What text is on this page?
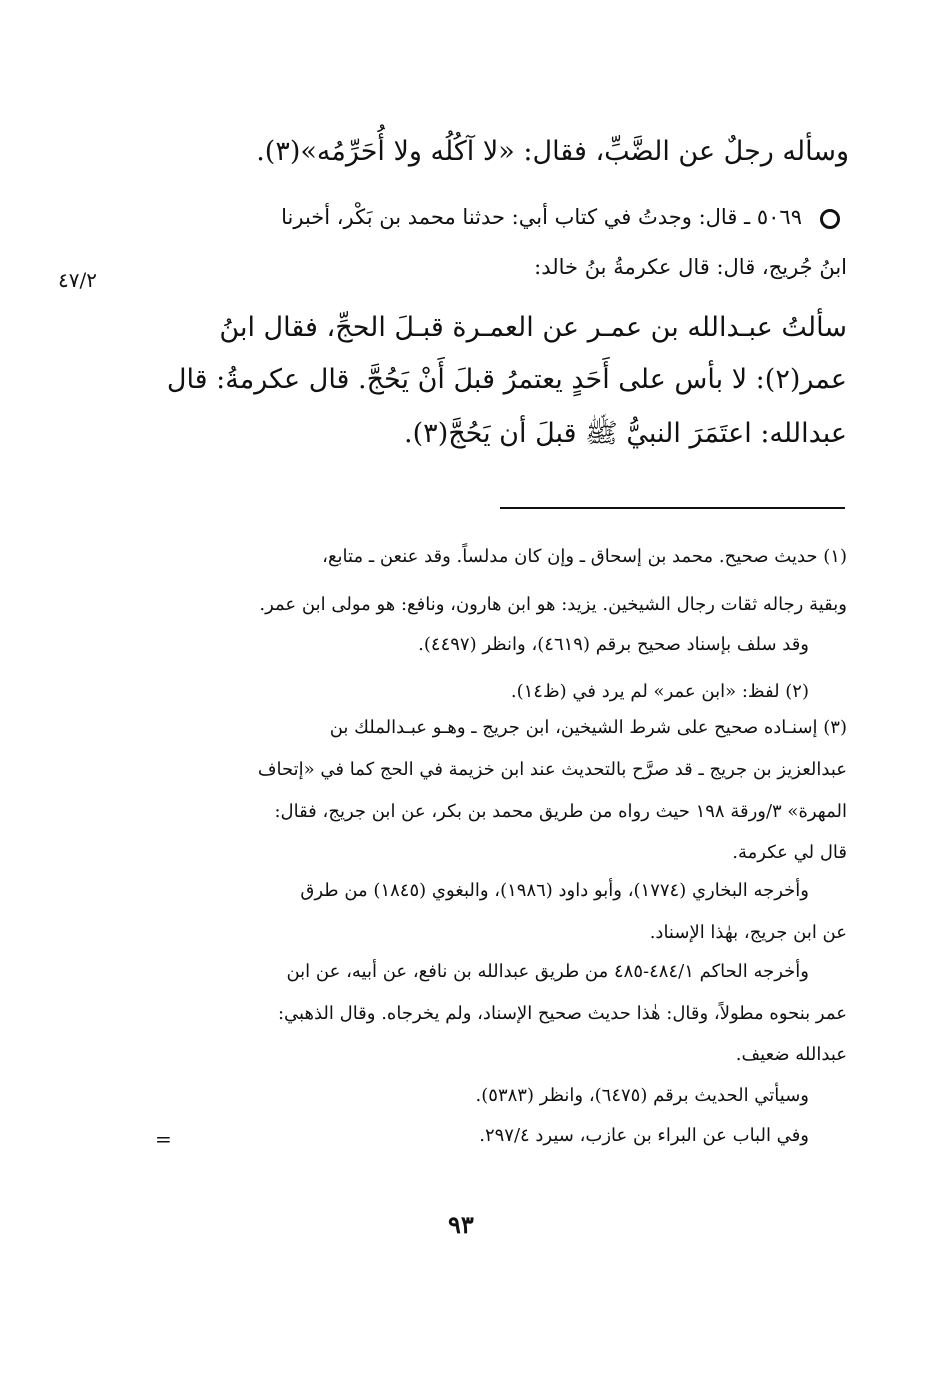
وسأله رجلٌ عن الضَّبِّ، فقال: «لا آكُلُه ولا أُحَرِّمُه»(٣).
٥٠٦٩ ـ قال: وجدتُ في كتاب أبي: حدثنا محمد بن بَكْر، أخبرنا
ابنُ جُريج، قال: قال عكرمةُ بنُ خالد:
٤٧/٢
سألتُ عبـدالله بن عمـر عن العمـرة قبـلَ الحجِّ، فقال ابنُ
عمر(٢): لا بأس على أَحَدٍ يعتمرُ قبلَ أَنْ يَحُجَّ. قال عكرمةُ: قال
عبدالله: اعتَمَرَ النبيُّ ﷺ قبلَ أن يَحُجَّ(٣).
(١) حديث صحيح. محمد بن إسحاق ـ وإن كان مدلساً. وقد عنعن ـ متابع،
وبقية رجاله ثقات رجال الشيخين. يزيد: هو ابن هارون، ونافع: هو مولى ابن عمر.
وقد سلف بإسناد صحيح برقم (٤٦١٩)، وانظر (٤٤٩٧).
(٢) لفظ: «ابن عمر» لم يرد في (ظ١٤).
(٣) إسنـاده صحيح على شرط الشيخين، ابن جريج ـ وهـو عبـدالملك بن
عبدالعزيز بن جريج ـ قد صرَّح بالتحديث عند ابن خزيمة في الحج كما في «إتحاف
المهرة» ٣/ورقة ١٩٨ حيث رواه من طريق محمد بن بكر، عن ابن جريج، فقال:
قال لي عكرمة.
وأخرجه البخاري (١٧٧٤)، وأبو داود (١٩٨٦)، والبغوي (١٨٤٥) من طرق
عن ابن جريج، بهٰذا الإسناد.
وأخرجه الحاكم ٤٨٤/١-٤٨٥ من طريق عبدالله بن نافع، عن أبيه، عن ابن
عمر بنحوه مطولاً، وقال: هٰذا حديث صحيح الإسناد، ولم يخرجاه. وقال الذهبي:
عبدالله ضعيف.
وسيأتي الحديث برقم (٦٤٧٥)، وانظر (٥٣٨٣).
وفي الباب عن البراء بن عازب، سيرد ٢٩٧/٤.
=
٩٣
